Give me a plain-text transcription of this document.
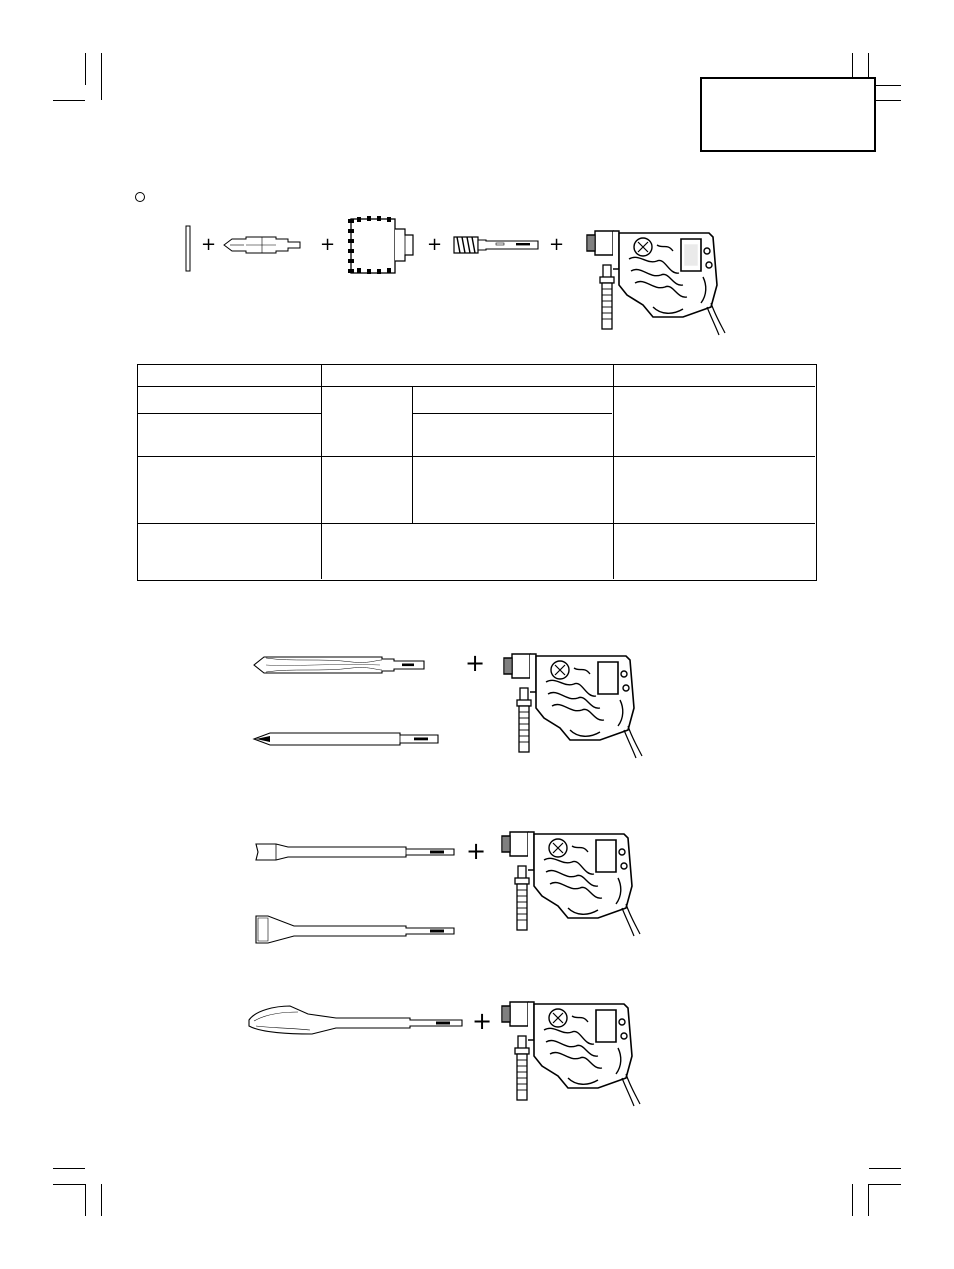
+	+	+	+
+
+
+
